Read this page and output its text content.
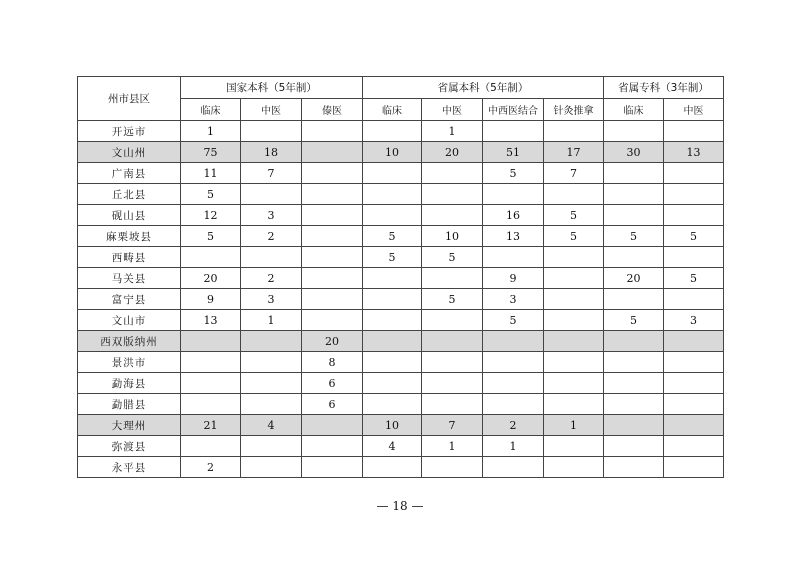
州市县区	国家本科（5年制）			省属本科（5年制）				省属专科（3年制）	
	临床	中医	傣医	临床	中医	中西医结合	针灸推拿	临床	中医
开远市	1				1				
文山州	75	18		10	20	51	17	30	13
广南县	11	7				5	7		
丘北县	5								
砚山县	12	3				16	5		
麻栗坡县	5	2		5	10	13	5	5	5
西畴县				5	5				
马关县	20	2				9		20	5
富宁县	9	3			5	3			
文山市	13	1				5		5	3
西双版纳州			20						
景洪市			8						
勐海县			6						
勐腊县			6						
大理州	21	4		10	7	2	1		
弥渡县				4	1	1			
永平县	2								
— 18 —
